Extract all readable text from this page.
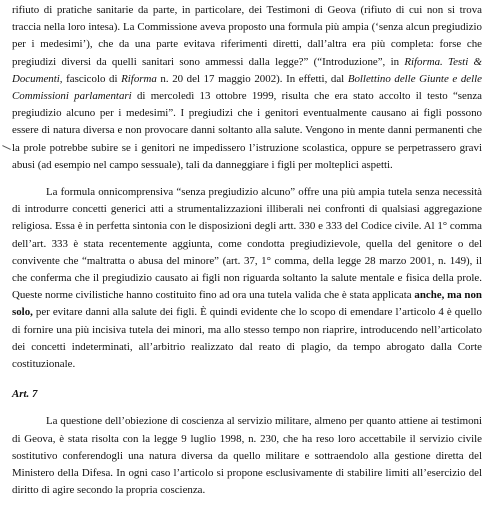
rifiuto di pratiche sanitarie da parte, in particolare, dei Testimoni di Geova (rifiuto di cui non si trova traccia nella loro intesa). La Commissione aveva proposto una formula più ampia (‘senza alcun pregiudizio per i medesimi’), che da una parte evitava riferimenti diretti, dall’altra era più completa: forse che pregiudizi diversi da quelli sanitari sono ammessi dalla legge?” (“Introduzione”, in Riforma. Testi & Documenti, fascicolo di Riforma n. 20 del 17 maggio 2002). In effetti, dal Bollettino delle Giunte e delle Commissioni parlamentari di mercoledì 13 ottobre 1999, risulta che era stato accolto il testo “senza pregiudizio alcuno per i medesimi”. I pregiudizi che i genitori eventualmente causano ai figli possono essere di natura diversa e non provocare danni soltanto alla salute. Vengono in mente danni permanenti che la prole potrebbe subire se i genitori ne impedissero l’istruzione scolastica, oppure se perpetrassero gravi abusi (ad esempio nel campo sessuale), tali da danneggiare i figli per molteplici aspetti.

La formula onnicomprensiva “senza pregiudizio alcuno” offre una più ampia tutela senza necessità di introdurre concetti generici atti a strumentalizzazioni illiberali nei confronti di qualsiasi aggregazione religiosa. Essa è in perfetta sintonia con le disposizioni degli artt. 330 e 333 del Codice civile. Al 1° comma dell’art. 333 è stata recentemente aggiunta, come condotta pregiudizievole, quella del genitore o del convivente che “maltratta o abusa del minore” (art. 37, 1° comma, della legge 28 marzo 2001, n. 149), il che conferma che il pregiudizio causato ai figli non riguarda soltanto la salute mentale e fisica della prole. Queste norme civilistiche hanno costituito fino ad ora una tutela valida che è stata applicata anche, ma non solo, per evitare danni alla salute dei figli. È quindi evidente che lo scopo di emendare l’articolo 4 è quello di fornire una più incisiva tutela dei minori, ma allo stesso tempo non riaprire, introducendo nell’articolato dei concetti indeterminati, all’arbitrio realizzato dal reato di plagio, da tempo abrogato dalla Corte costituzionale.

Art. 7

La questione dell’obiezione di coscienza al servizio militare, almeno per quanto attiene ai testimoni di Geova, è stata risolta con la legge 9 luglio 1998, n. 230, che ha reso loro accettabile il servizio civile sostitutivo conferendogli una natura diversa da quello militare e sottraendolo alla gestione diretta del Ministero della Difesa. In ogni caso l’articolo si propone esclusivamente di stabilire limiti all’esercizio del diritto di agire secondo la propria coscienza.
